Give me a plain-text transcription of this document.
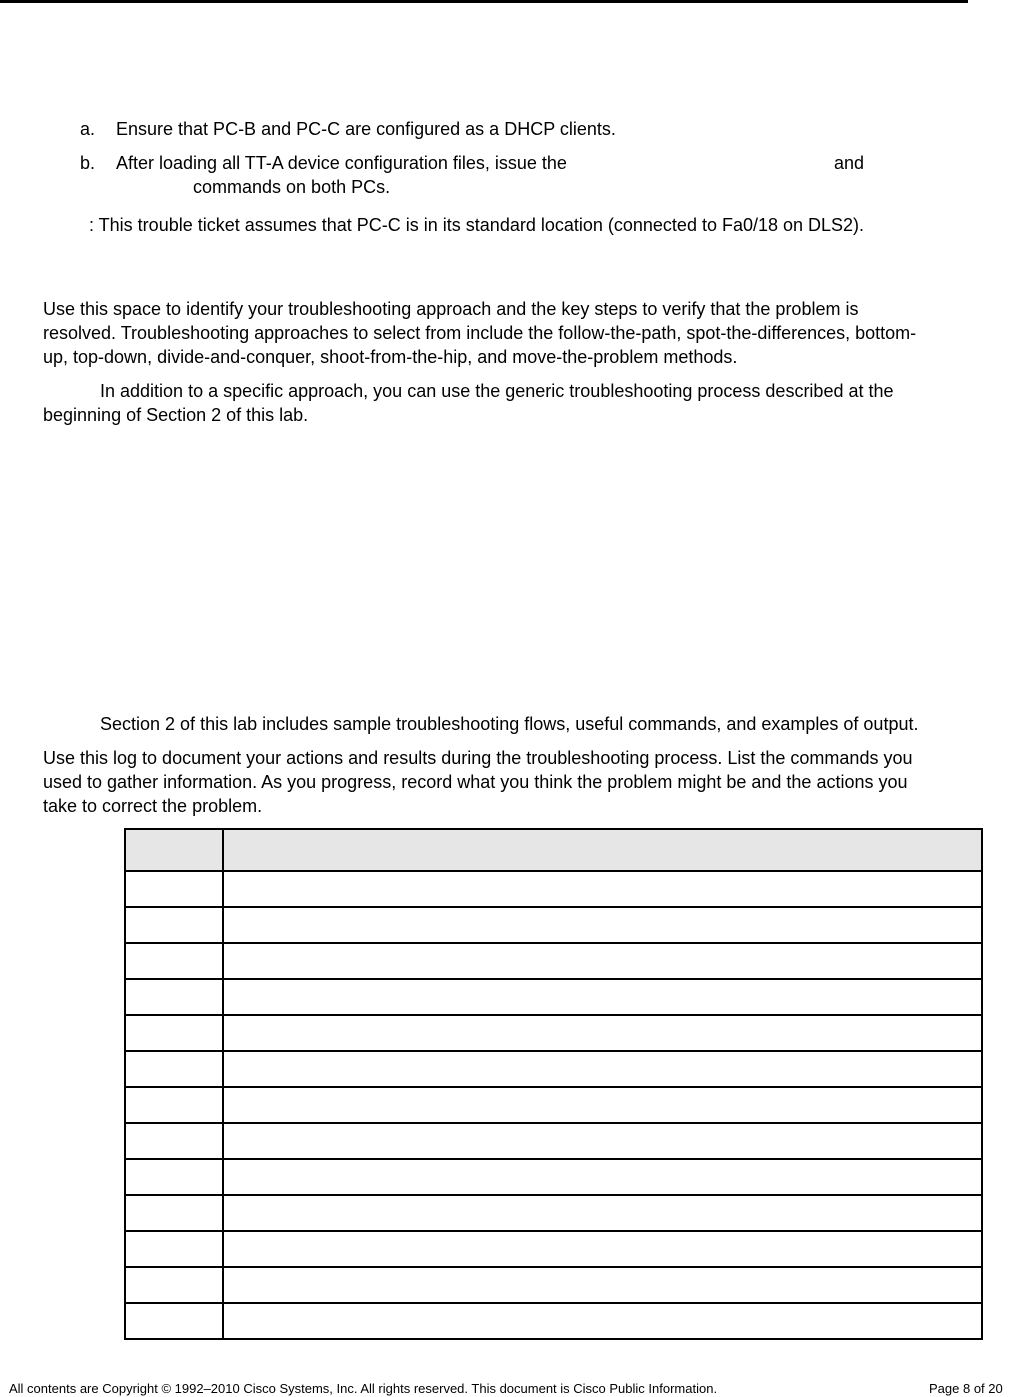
a. Ensure that PC-B and PC-C are configured as a DHCP clients.
b. After loading all TT-A device configuration files, issue the	and
commands on both PCs.
: This trouble ticket assumes that PC-C is in its standard location (connected to Fa0/18 on DLS2).
Use this space to identify your troubleshooting approach and the key steps to verify that the problem is
resolved. Troubleshooting approaches to select from include the follow-the-path, spot-the-differences, bottom-
up, top-down, divide-and-conquer, shoot-from-the-hip, and move-the-problem methods.
In addition to a specific approach, you can use the generic troubleshooting process described at the
beginning of Section 2 of this lab.
Section 2 of this lab includes sample troubleshooting flows, useful commands, and examples of output.
Use this log to document your actions and results during the troubleshooting process. List the commands you
used to gather information. As you progress, record what you think the problem might be and the actions you
take to correct the problem.

All contents are Copyright © 1992–2010 Cisco Systems, Inc. All rights reserved. This document is Cisco Public Information.	Page 8 of 20
